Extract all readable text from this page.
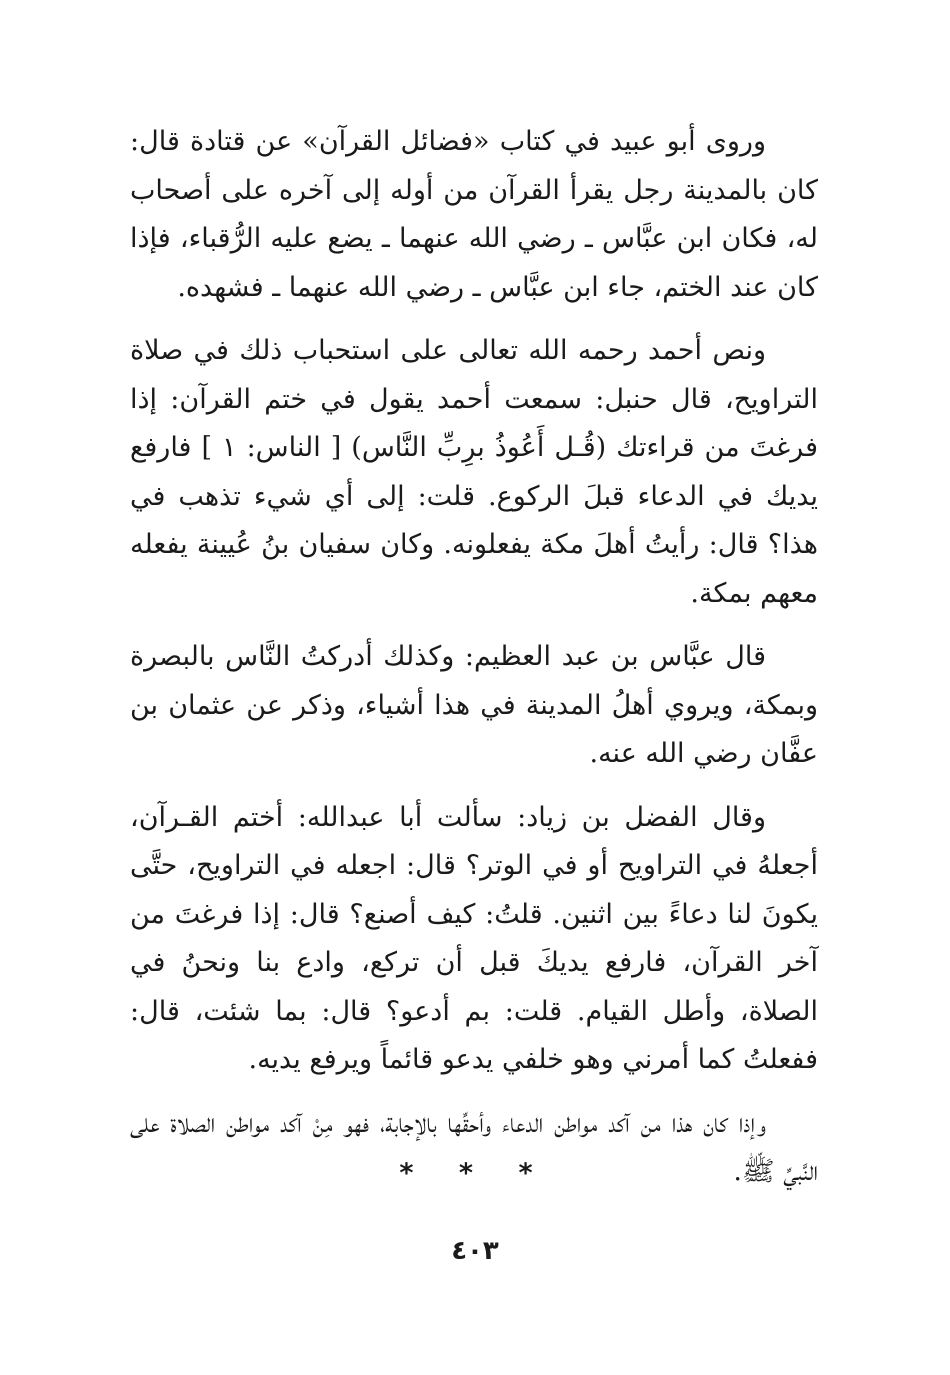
وروى أبو عبيد في كتاب «فضائل القرآن» عن قتادة قال: كان بالمدينة رجل يقرأ القرآن من أوله إلى آخره على أصحاب له، فكان ابن عبَّاس ـ رضي الله عنهما ـ يضع عليه الرُّقباء، فإذا كان عند الختم، جاء ابن عبَّاس ـ رضي الله عنهما ـ فشهده.

ونص أحمد رحمه الله تعالى على استحباب ذلك في صلاة التراويح، قال حنبل: سمعت أحمد يقول في ختم القرآن: إذا فرغتَ من قراءتك (قُـل أَعُوذُ برِبِّ النَّاس) [ الناس: ١ ] فارفع يديك في الدعاء قبلَ الركوع. قلت: إلى أي شيء تذهب في هذا؟ قال: رأيتُ أهلَ مكة يفعلونه. وكان سفيان بنُ عُيينة يفعله معهم بمكة.

قال عبَّاس بن عبد العظيم: وكذلك أدركتُ النَّاس بالبصرة وبمكة، ويروي أهلُ المدينة في هذا أشياء، وذكر عن عثمان بن عفَّان رضي الله عنه.

وقال الفضل بن زياد: سألت أبا عبدالله: أختم القـرآن، أجعلهُ في التراويح أو في الوتر؟ قال: اجعله في التراويح، حتَّى يكونَ لنا دعاءً بين اثنين. قلتُ: كيف أصنع؟ قال: إذا فرغتَ من آخر القرآن، فارفع يديكَ قبل أن تركع، وادع بنا ونحنُ في الصلاة، وأطل القيام. قلت: بم أدعو؟ قال: بما شئت، قال: ففعلتُ كما أمرني وهو خلفي يدعو قائماً ويرفع يديه.

وإذا كان هذا من آكد مواطن الدعاء وأحقِّها بالإجابة، فهو مِنْ آكد مواطن الصلاة على النَّبيِّ ﷺ.

* * *
٤٠٣
